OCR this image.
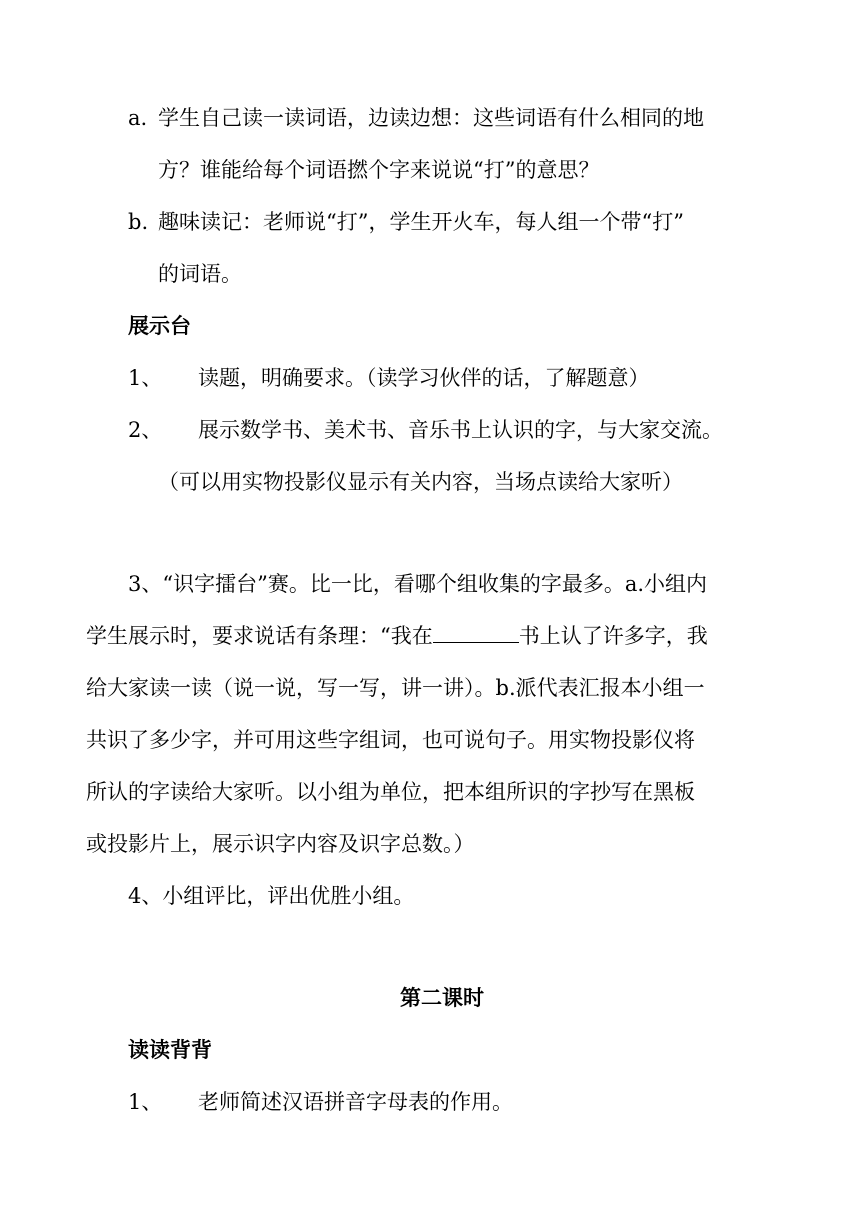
a. 学生自己读一读词语，边读边想：这些词语有什么相同的地
方？谁能给每个词语撚个字来说说“打”的意思？
b. 趣味读记：老师说“打”，学生开火车，每人组一个带“打”
的词语。
展示台
1、 读题，明确要求。（读学习伙伴的话，了解题意）
2、 展示数学书、美术书、音乐书上认识的字，与大家交流。
（可以用实物投影仪显示有关内容，当场点读给大家听）
3、“识字擂台”赛。比一比，看哪个组收集的字最多。a.小组内
学生展示时，要求说话有条理：“我在	书上认了许多字，我
给大家读一读（说一说，写一写，讲一讲）。b.派代表汇报本小组一
共识了多少字，并可用这些字组词，也可说句子。用实物投影仪将
所认的字读给大家听。以小组为单位，把本组所识的字抄写在黑板
或投影片上，展示识字内容及识字总数。）
4、小组评比，评出优胜小组。
第二课时
读读背背
1、 老师简述汉语拼音字母表的作用。
